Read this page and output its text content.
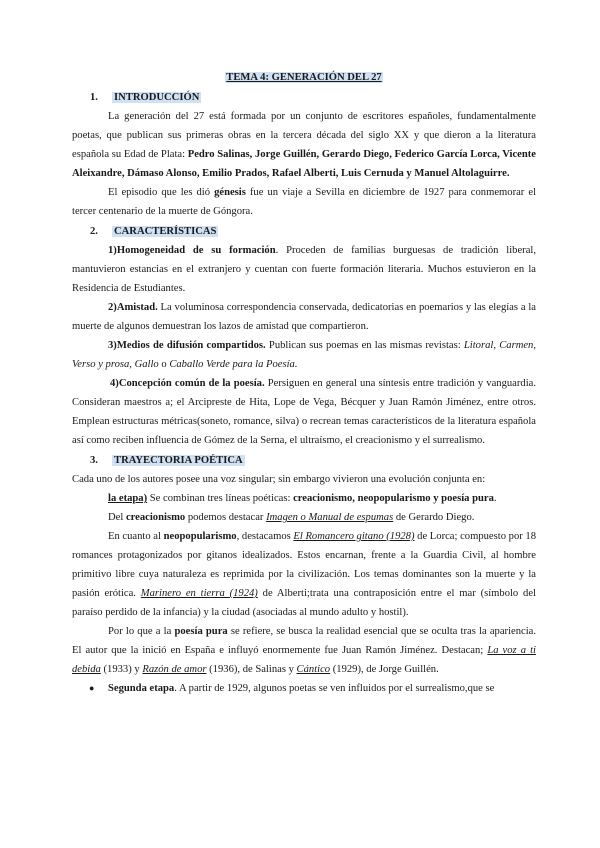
TEMA 4: GENERACIÓN DEL 27
1. INTRODUCCIÓN

La generación del 27 está formada por un conjunto de escritores españoles, fundamentalmente poetas, que publican sus primeras obras en la tercera década del siglo XX y que dieron a la literatura española su Edad de Plata: Pedro Salinas, Jorge Guillén, Gerardo Diego, Federico García Lorca, Vicente Aleixandre, Dámaso Alonso, Emilio Prados, Rafael Alberti, Luis Cernuda y Manuel Altolaguirre.

El episodio que les dió génesis fue un viaje a Sevilla en diciembre de 1927 para conmemorar el tercer centenario de la muerte de Góngora.

2. CARACTERÍSTICAS

1)Homogeneidad de su formación. Proceden de familias burguesas de tradición liberal, mantuvieron estancias en el extranjero y cuentan con fuerte formación literaria. Muchos estuvieron en la Residencia de Estudiantes.

2)Amistad. La voluminosa correspondencia conservada, dedicatorias en poemarios y las elegías a la muerte de algunos demuestran los lazos de amistad que compartieron.

3)Medios de difusión compartidos. Publican sus poemas en las mismas revistas: Litoral, Carmen, Verso y prosa, Gallo o Caballo Verde para la Poesía.

4)Concepción común de la poesía. Persiguen en general una síntesis entre tradición y vanguardia. Consideran maestros a; el Arcipreste de Hita, Lope de Vega, Bécquer y Juan Ramón Jiménez, entre otros. Emplean estructuras métricas(soneto, romance, silva) o recrean temas característicos de la literatura española así como reciben influencia de Gómez de la Serna, el ultraísmo, el creacionismo y el surrealismo.

3. TRAYECTORIA POÉTICA

Cada uno de los autores posee una voz singular; sin embargo vivieron una evolución conjunta en:

la etapa) Se combinan tres líneas poéticas: creacionismo, neopopularismo y poesía pura.

Del creacionismo podemos destacar Imagen o Manual de espumas de Gerardo Diego.

En cuanto al neopopularismo, destacamos El Romancero gitano (1928) de Lorca; compuesto por 18 romances protagonizados por gitanos idealizados. Estos encarnan, frente a la Guardia Civil, al hombre primitivo libre cuya naturaleza es reprimida por la civilización. Los temas dominantes son la muerte y la pasión erótica. Marinero en tierra (1924) de Alberti;trata una contraposición entre el mar (símbolo del paraíso perdido de la infancia) y la ciudad (asociadas al mundo adulto y hostil).

Por lo que a la poesía pura se refiere, se busca la realidad esencial que se oculta tras la apariencia. El autor que la inició en España e influyó enormemente fue Juan Ramón Jiménez. Destacan; La voz a ti debida (1933) y Razón de amor (1936), de Salinas y Cántico (1929), de Jorge Guillén.

● Segunda etapa. A partir de 1929, algunos poetas se ven influidos por el surrealismo,que se
